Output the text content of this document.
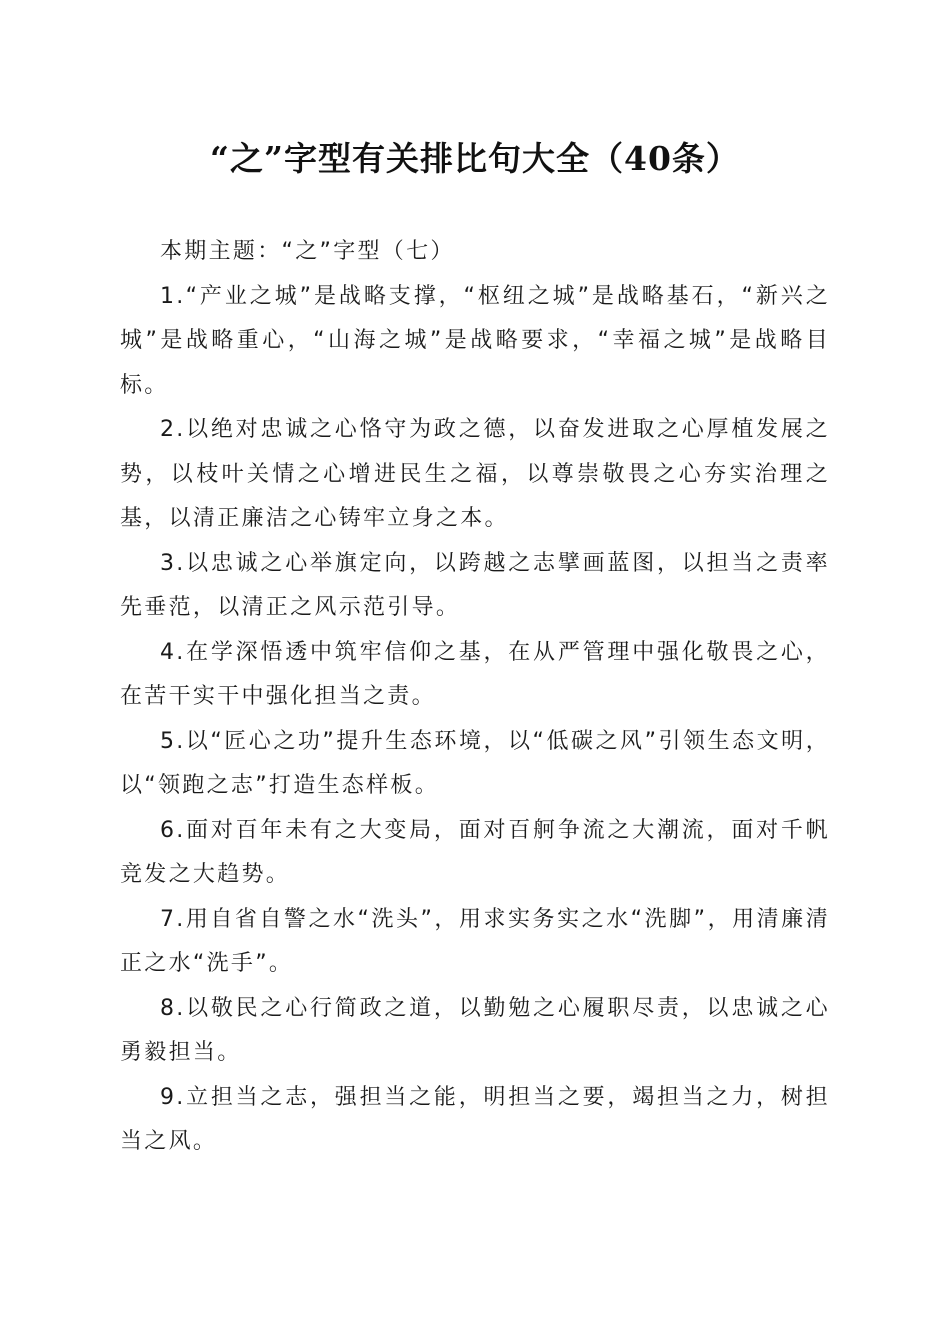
“之”字型有关排比句大全（40条）

本期主题：“之”字型（七）

1.“产业之城”是战略支撑，“枢纽之城”是战略基石，“新兴之城”是战略重心，“山海之城”是战略要求，“幸福之城”是战略目标。

2.以绝对忠诚之心恪守为政之德，以奋发进取之心厚植发展之势，以枝叶关情之心增进民生之福，以尊崇敬畏之心夯实治理之基，以清正廉洁之心铸牢立身之本。

3.以忠诚之心举旗定向，以跨越之志擘画蓝图，以担当之责率先垂范，以清正之风示范引导。

4.在学深悟透中筑牢信仰之基，在从严管理中强化敬畏之心，在苦干实干中强化担当之责。

5.以“匠心之功”提升生态环境，以“低碳之风”引领生态文明，以“领跑之志”打造生态样板。

6.面对百年未有之大变局，面对百舸争流之大潮流，面对千帆竞发之大趋势。

7.用自省自警之水“洗头”，用求实务实之水“洗脚”，用清廉清正之水“洗手”。

8.以敬民之心行简政之道，以勤勉之心履职尽责，以忠诚之心勇毅担当。

9.立担当之志，强担当之能，明担当之要，竭担当之力，树担当之风。
